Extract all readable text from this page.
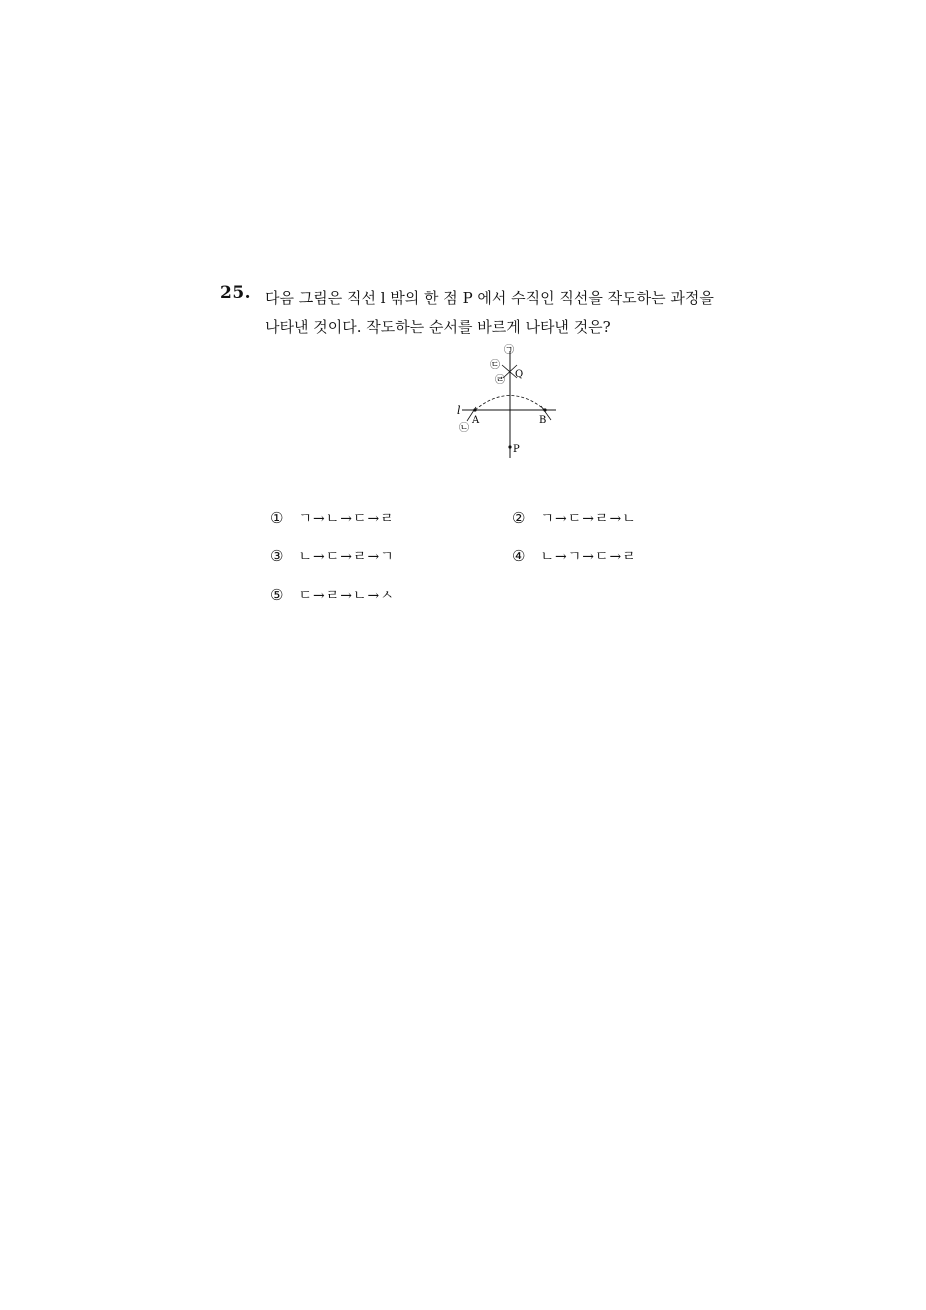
25. 다음 그림은 직선 l 밖의 한 점 P 에서 수직인 직선을 작도하는 과정을
나타낸 것이다. 작도하는 순서를 바르게 나타낸 것은?
l
A	B
P
Q
㉠
㉢
㉣
㉡
① ㄱ→ㄴ→ㄷ→ㄹ	② ㄱ→ㄷ→ㄹ→ㄴ
③ ㄴ→ㄷ→ㄹ→ㄱ	④ ㄴ→ㄱ→ㄷ→ㄹ
⑤ ㄷ→ㄹ→ㄴ→ㅅ
